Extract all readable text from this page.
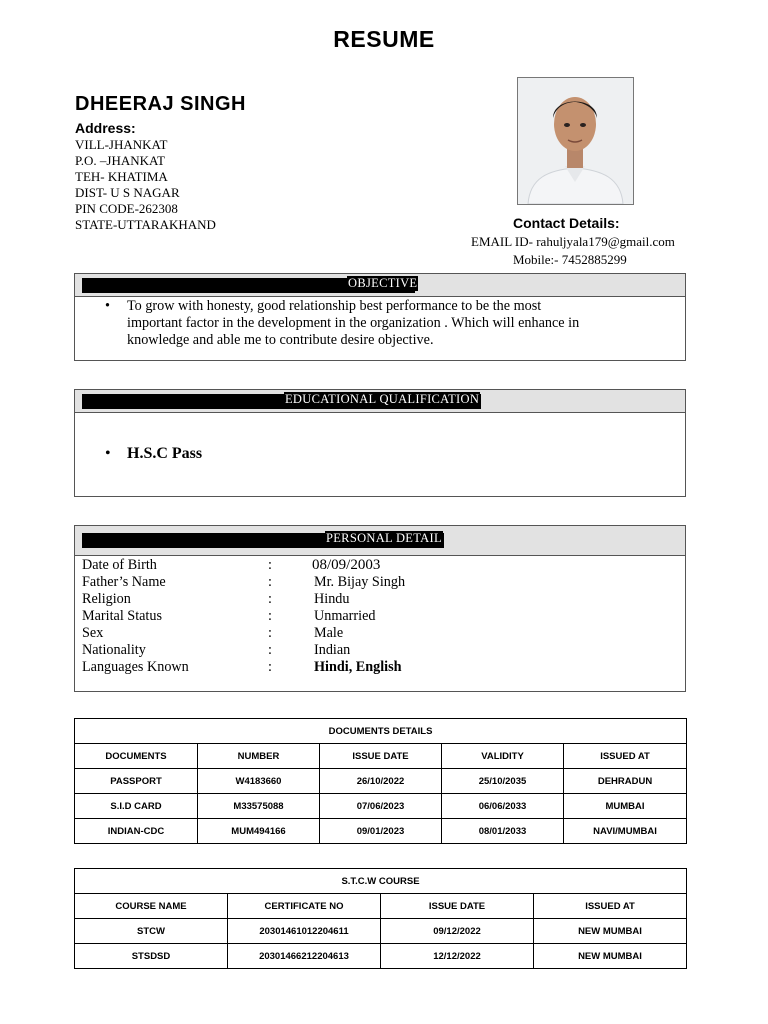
RESUME
DHEERAJ SINGH
Address:
VILL-JHANKAT
P.O. –JHANKAT
TEH- KHATIMA
DIST- U S NAGAR
PIN CODE-262308
STATE-UTTARAKHAND	Contact Details:
EMAIL ID- rahuljyala179@gmail.com
Mobile:- 7452885299
OBJECTIVE
• To grow with honesty, good relationship best performance to be the most
important factor in the development in the organization . Which will enhance in
knowledge and able me to contribute desire objective.
EDUCATIONAL QUALIFICATION
• H.S.C Pass
PERSONAL DETAIL
Date of Birth	:	08/09/2003
Father’s Name	:	Mr. Bijay Singh
Religion	:	Hindu
Marital Status	:	Unmarried
Sex	:	Male
Nationality	:	Indian
Languages Known	:	Hindi, English
DOCUMENTS DETAILS				
DOCUMENTS	NUMBER	ISSUE DATE	VALIDITY	ISSUED AT
PASSPORT	W4183660	26/10/2022	25/10/2035	DEHRADUN
S.I.D CARD	M33575088	07/06/2023	06/06/2033	MUMBAI
INDIAN-CDC	MUM494166	09/01/2023	08/01/2033	NAVI/MUMBAI
S.T.C.W COURSE			
COURSE NAME	CERTIFICATE NO	ISSUE DATE	ISSUED AT
STCW	20301461012204611	09/12/2022	NEW MUMBAI
STSDSD	20301466212204613	12/12/2022	NEW MUMBAI
